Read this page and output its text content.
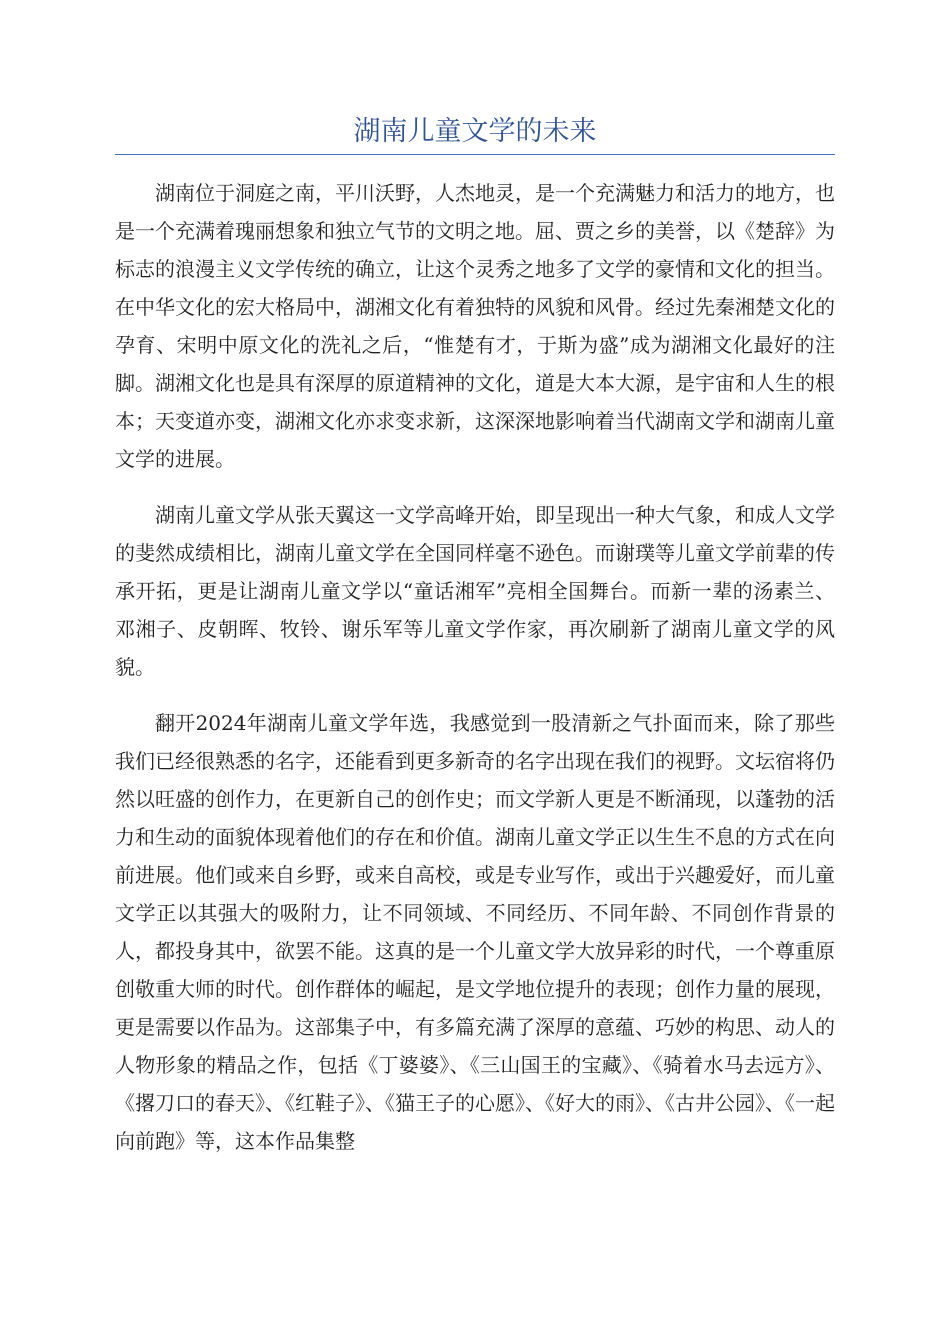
湖南儿童文学的未来

湖南位于洞庭之南，平川沃野，人杰地灵，是一个充满魅力和活力的地方，也是一个充满着瑰丽想象和独立气节的文明之地。屈、贾之乡的美誉，以《楚辞》为标志的浪漫主义文学传统的确立，让这个灵秀之地多了文学的豪情和文化的担当。在中华文化的宏大格局中，湖湘文化有着独特的风貌和风骨。经过先秦湘楚文化的孕育、宋明中原文化的洗礼之后，“惟楚有才，于斯为盛”成为湖湘文化最好的注脚。湖湘文化也是具有深厚的原道精神的文化，道是大本大源，是宇宙和人生的根本；天变道亦变，湖湘文化亦求变求新，这深深地影响着当代湖南文学和湖南儿童文学的进展。

湖南儿童文学从张天翼这一文学高峰开始，即呈现出一种大气象，和成人文学的斐然成绩相比，湖南儿童文学在全国同样毫不逊色。而谢璞等儿童文学前辈的传承开拓，更是让湖南儿童文学以“童话湘军”亮相全国舞台。而新一辈的汤素兰、邓湘子、皮朝晖、牧铃、谢乐军等儿童文学作家，再次刷新了湖南儿童文学的风貌。

翻开2024年湖南儿童文学年选，我感觉到一股清新之气扑面而来，除了那些我们已经很熟悉的名字，还能看到更多新奇的名字出现在我们的视野。文坛宿将仍然以旺盛的创作力，在更新自己的创作史；而文学新人更是不断涌现，以蓬勃的活力和生动的面貌体现着他们的存在和价值。湖南儿童文学正以生生不息的方式在向前进展。他们或来自乡野，或来自高校，或是专业写作，或出于兴趣爱好，而儿童文学正以其强大的吸附力，让不同领域、不同经历、不同年龄、不同创作背景的人，都投身其中，欲罢不能。这真的是一个儿童文学大放异彩的时代，一个尊重原创敬重大师的时代。创作群体的崛起，是文学地位提升的表现；创作力量的展现，更是需要以作品为。这部集子中，有多篇充满了深厚的意蕴、巧妙的构思、动人的人物形象的精品之作，包括《丁婆婆》、《三山国王的宝藏》、《骑着水马去远方》、《撂刀口的春天》、《红鞋子》、《猫王子的心愿》、《好大的雨》、《古井公园》、《一起向前跑》等，这本作品集整
